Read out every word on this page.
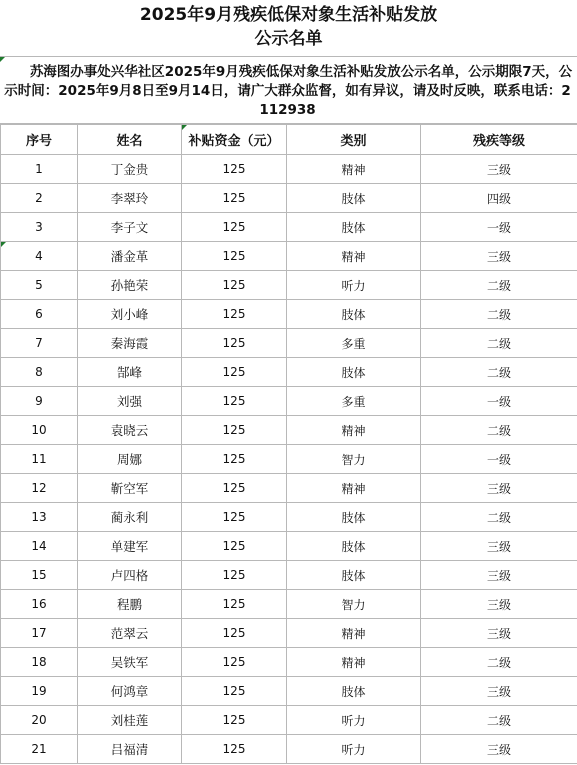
2025年9月残疾低保对象生活补贴发放
公示名单
苏海图办事处兴华社区2025年9月残疾低保对象生活补贴发放公示名单，公示期限7天，公示时间：2025年9月8日至9月14日，请广大群众监督，如有异议，请及时反映，联系电话：2112938
序号	姓名	补贴资金（元）	类别	残疾等级
1	丁金贵	125	精神	三级
2	李翠玲	125	肢体	四级
3	李子文	125	肢体	一级

4	潘金革	125	精神	三级
5	孙艳荣	125	听力	二级
6	刘小峰	125	肢体	二级
7	秦海霞	125	多重	二级
8	郜峰	125	肢体	二级
9	刘强	125	多重	一级
10	袁晓云	125	精神	二级
11	周娜	125	智力	一级
12	靳空军	125	精神	三级
13	蔺永利	125	肢体	二级
14	单建军	125	肢体	三级
15	卢四格	125	肢体	三级
16	程鹏	125	智力	三级
17	范翠云	125	精神	三级
18	吴铁军	125	精神	二级
19	何鸿章	125	肢体	三级
20	刘桂莲	125	听力	二级
21	吕福清	125	听力	三级
